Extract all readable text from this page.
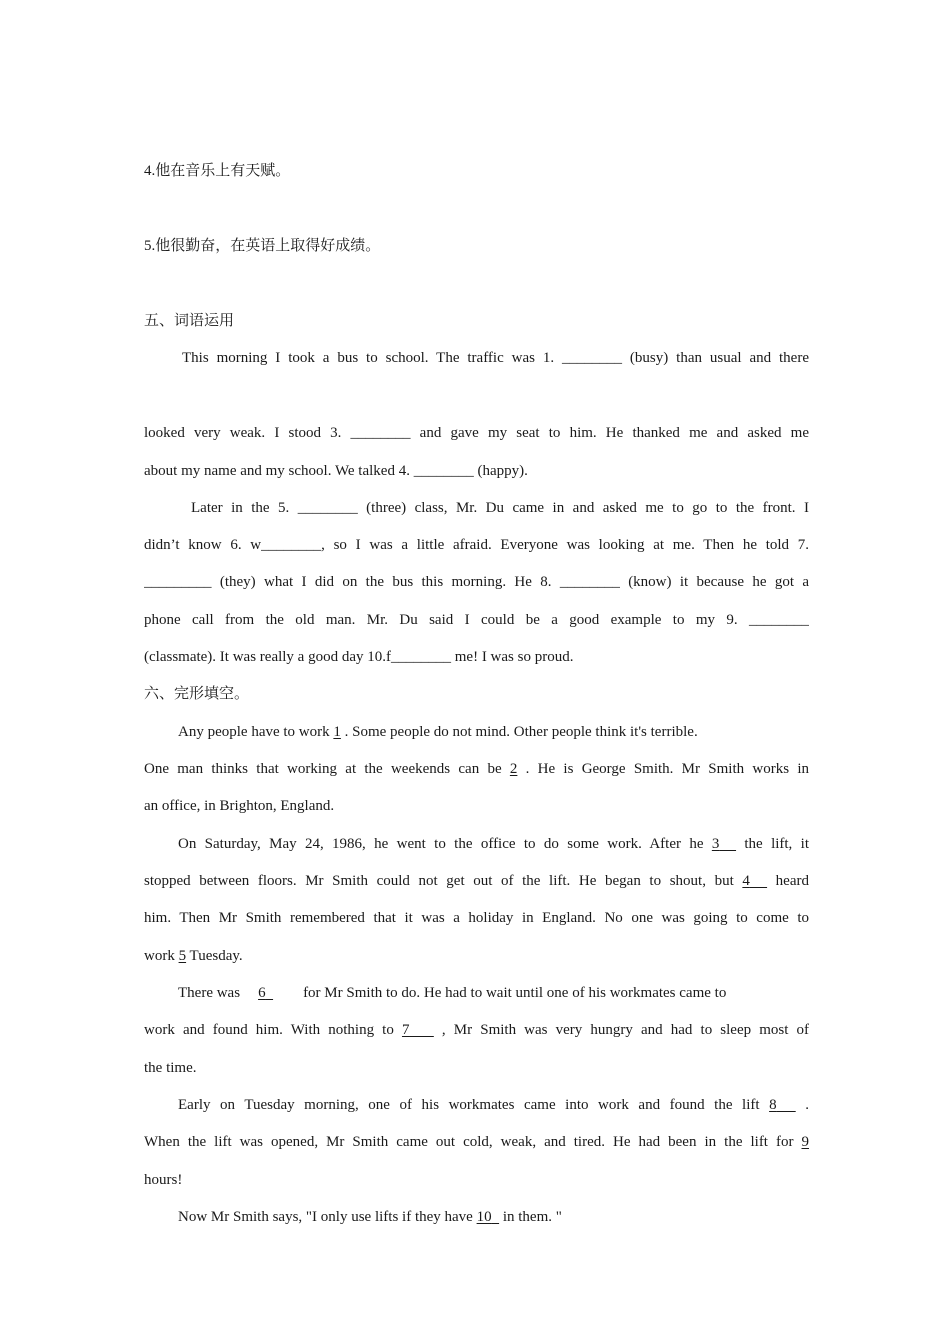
4.他在音乐上有天赋。
5.他很勤奋，在英语上取得好成绩。
五、词语运用
This morning I took a bus to school. The traffic was 1. ________ (busy) than usual and there
looked very weak. I stood 3. ________ and gave my seat to him. He thanked me and asked me
about my name and my school. We talked 4. ________ (happy).
Later in the 5. ________ (three) class, Mr. Du came in and asked me to go to the front. I
didn’t know 6. w________, so I was a little afraid. Everyone was looking at me. Then he told 7.
_________ (they) what I did on the bus this morning. He 8. ________ (know) it because he got a
phone call from the old man. Mr. Du said I could be a good example to my 9. ________
(classmate). It was really a good day 10.f________ me! I was so proud.
六、完形填空。
Any people have to work 1 . Some people do not mind. Other people think it's terrible.
One man thinks that working at the weekends can be 2 . He is George Smith. Mr Smith works in
an office, in Brighton, England.
On Saturday, May 24, 1986, he went to the office to do some work. After he 3   the lift, it
stopped between floors. Mr Smith could not get out of the lift. He began to shout, but 4   heard
him. Then Mr Smith remembered that it was a holiday in England. No one was going to come to
work 5 Tuesday.
There was 6	for Mr Smith to do. He had to wait until one of his workmates came to
work and found him. With nothing to 7    , Mr Smith was very hungry and had to sleep most of
the time.
Early on Tuesday morning, one of his workmates came into work and found the lift 8   .
When the lift was opened, Mr Smith came out cold, weak, and tired. He had been in the lift for 9
hours!
Now Mr Smith says, "I only use lifts if they have 10   in them. "
